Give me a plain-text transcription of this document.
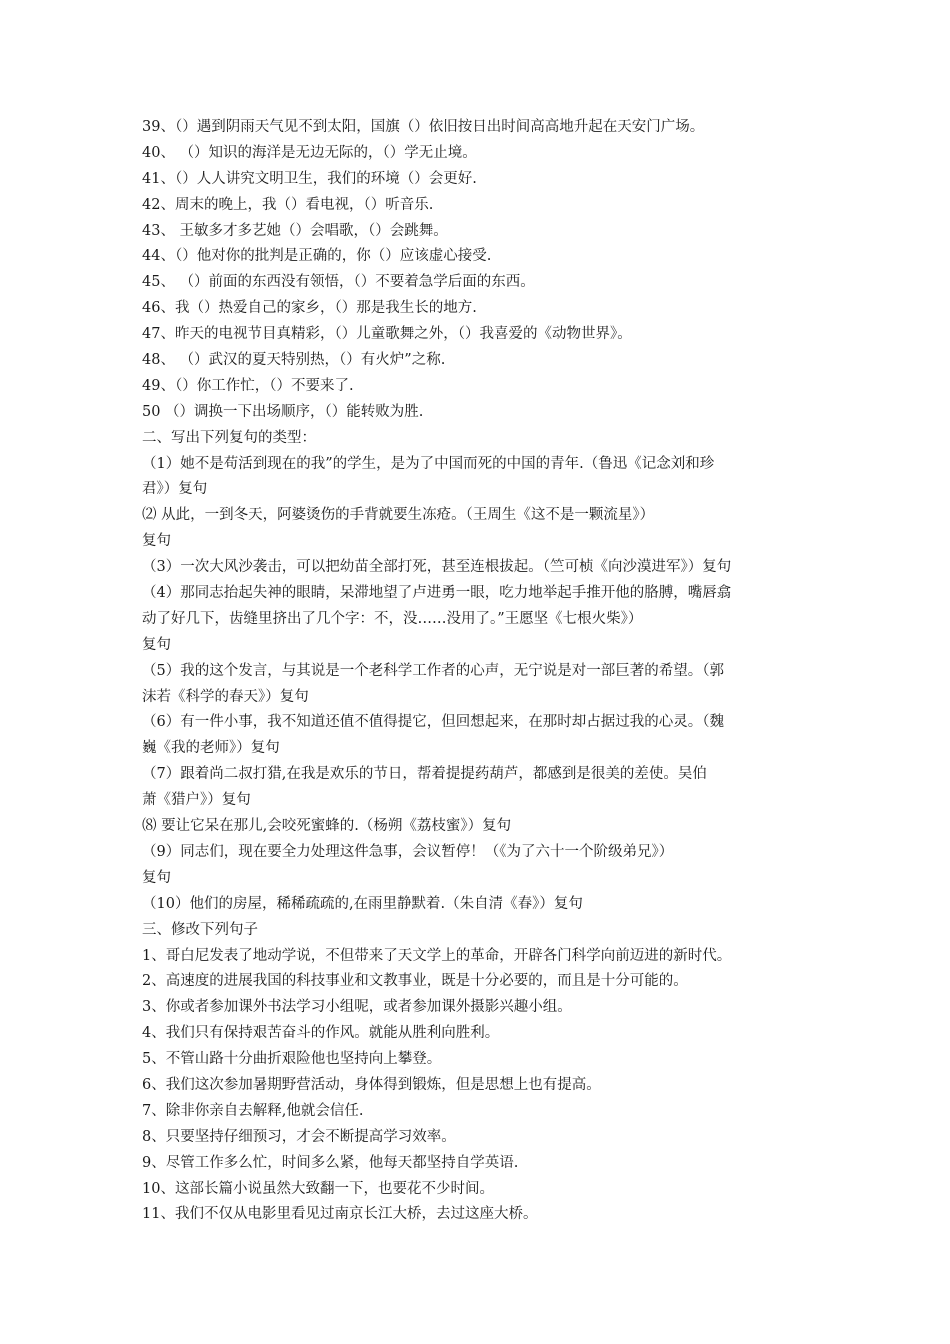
39、（）遇到阴雨天气见不到太阳，国旗（）依旧按日出时间高高地升起在天安门广场。
40、 （）知识的海洋是无边无际的，（）学无止境。
41、（）人人讲究文明卫生，我们的环境（）会更好.
42、周末的晚上，我（）看电视，（）听音乐.
43、 王敏多才多艺她（）会唱歌，（）会跳舞。
44、（）他对你的批判是正确的，你（）应该虚心接受.
45、 （）前面的东西没有领悟，（）不要着急学后面的东西。
46、我（）热爱自己的家乡，（）那是我生长的地方.
47、昨天的电视节目真精彩，（）儿童歌舞之外，（）我喜爱的《动物世界》。
48、 （）武汉的夏天特别热，（）有火炉”之称.
49、（）你工作忙，（）不要来了.
50 （）调换一下出场顺序，（）能转败为胜.
二、写出下列复句的类型：
（1）她不是苟活到现在的我”的学生，是为了中国而死的中国的青年.（鲁迅《记念刘和珍
君》）复句
⑵ 从此，一到冬天，阿婆烫伤的手背就要生冻疮。（王周生《这不是一颗流星》）
复句
（3）一次大风沙袭击，可以把幼苗全部打死，甚至连根拔起。（竺可桢《向沙漠进军》）复句
（4）那同志抬起失神的眼睛，呆滞地望了卢进勇一眼，吃力地举起手推开他的胳膊，嘴唇翕
动了好几下，齿缝里挤出了几个字：不，没……没用了。”王愿坚《七根火柴》）
复句
（5）我的这个发言，与其说是一个老科学工作者的心声，无宁说是对一部巨著的希望。（郭
沫若《科学的春天》）复句
（6）有一件小事，我不知道还值不值得提它，但回想起来，在那时却占据过我的心灵。（魏
巍《我的老师》）复句
（7）跟着尚二叔打猎,在我是欢乐的节日，帮着提提药葫芦，都感到是很美的差使。吴伯
萧《猎户》）复句
⑻ 要让它呆在那儿,会咬死蜜蜂的.（杨朔《荔枝蜜》）复句
（9）同志们，现在要全力处理这件急事，会议暂停！（《为了六十一个阶级弟兄》）
复句
（10）他们的房屋，稀稀疏疏的,在雨里静默着.（朱自清《春》）复句
三、修改下列句子
1、哥白尼发表了地动学说，不但带来了天文学上的革命，开辟各门科学向前迈进的新时代。
2、高速度的进展我国的科技事业和文教事业，既是十分必要的，而且是十分可能的。
3、你或者参加课外书法学习小组呢，或者参加课外摄影兴趣小组。
4、我们只有保持艰苦奋斗的作风。就能从胜利向胜利。
5、不管山路十分曲折艰险他也坚持向上攀登。
6、我们这次参加暑期野营活动，身体得到锻炼，但是思想上也有提高。
7、除非你亲自去解释,他就会信任.
8、只要坚持仔细预习，才会不断提高学习效率。
9、尽管工作多么忙，时间多么紧，他每天都坚持自学英语.
10、这部长篇小说虽然大致翻一下，也要花不少时间。
11、我们不仅从电影里看见过南京长江大桥，去过这座大桥。
